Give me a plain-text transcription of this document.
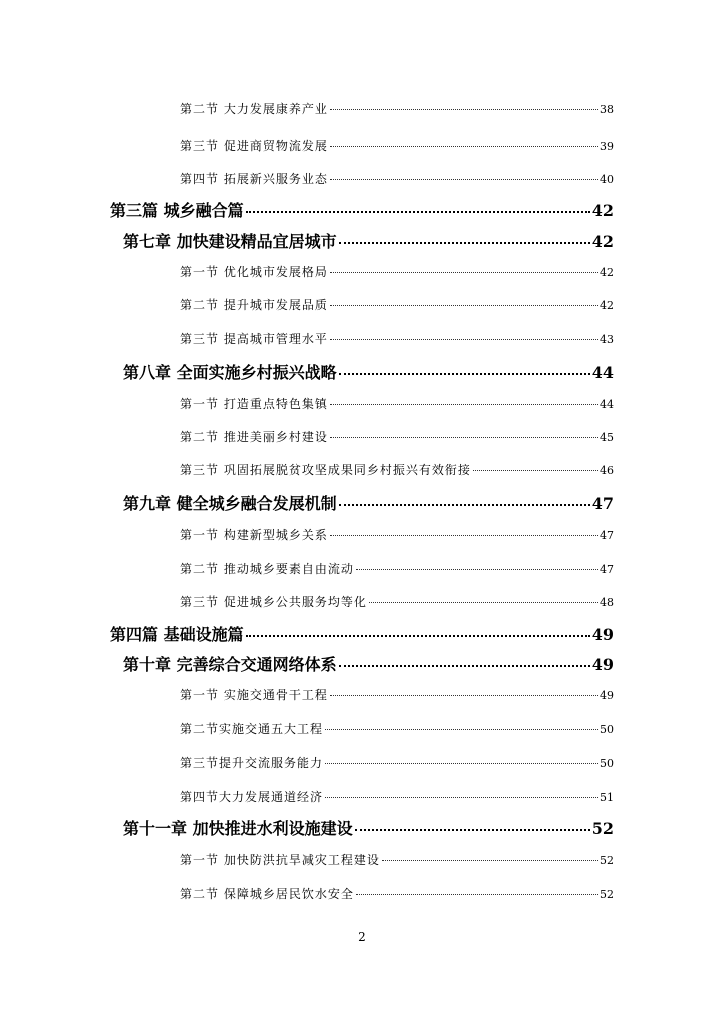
第二节 大力发展康养产业	38
第三节 促进商贸物流发展	39
第四节 拓展新兴服务业态	40
第三篇 城乡融合篇	42
第七章 加快建设精品宜居城市	42
第一节 优化城市发展格局	42
第二节 提升城市发展品质	42
第三节 提高城市管理水平	43
第八章 全面实施乡村振兴战略	44
第一节 打造重点特色集镇	44
第二节 推进美丽乡村建设	45
第三节 巩固拓展脱贫攻坚成果同乡村振兴有效衔接	46
第九章 健全城乡融合发展机制	47
第一节 构建新型城乡关系	47
第二节 推动城乡要素自由流动	47
第三节 促进城乡公共服务均等化	48
第四篇 基础设施篇	49
第十章 完善综合交通网络体系	49
第一节 实施交通骨干工程	49
第二节实施交通五大工程	50
第三节提升交流服务能力	50
第四节大力发展通道经济	51
第十一章 加快推进水利设施建设	52
第一节 加快防洪抗旱减灾工程建设	52
第二节 保障城乡居民饮水安全	52
2
